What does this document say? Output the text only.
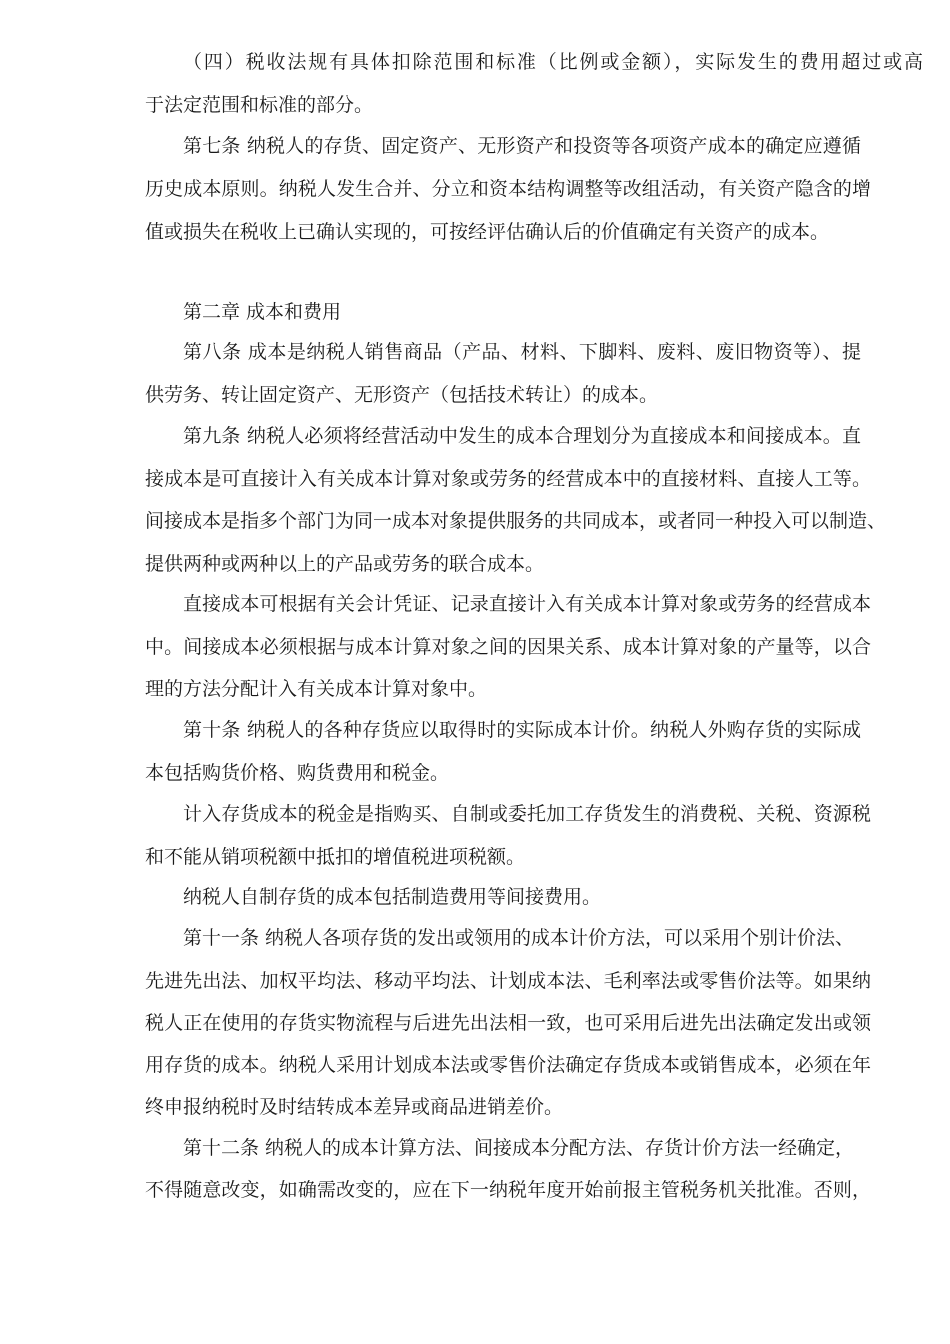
（四）税收法规有具体扣除范围和标准（比例或金额），实际发生的费用超过或高
于法定范围和标准的部分。
第七条 纳税人的存货、固定资产、无形资产和投资等各项资产成本的确定应遵循
历史成本原则。纳税人发生合并、分立和资本结构调整等改组活动，有关资产隐含的增
值或损失在税收上已确认实现的，可按经评估确认后的价值确定有关资产的成本。
第二章 成本和费用
第八条 成本是纳税人销售商品（产品、材料、下脚料、废料、废旧物资等）、提
供劳务、转让固定资产、无形资产（包括技术转让）的成本。
第九条 纳税人必须将经营活动中发生的成本合理划分为直接成本和间接成本。直
接成本是可直接计入有关成本计算对象或劳务的经营成本中的直接材料、直接人工等。
间接成本是指多个部门为同一成本对象提供服务的共同成本，或者同一种投入可以制造、
提供两种或两种以上的产品或劳务的联合成本。
直接成本可根据有关会计凭证、记录直接计入有关成本计算对象或劳务的经营成本
中。间接成本必须根据与成本计算对象之间的因果关系、成本计算对象的产量等，以合
理的方法分配计入有关成本计算对象中。
第十条 纳税人的各种存货应以取得时的实际成本计价。纳税人外购存货的实际成
本包括购货价格、购货费用和税金。
计入存货成本的税金是指购买、自制或委托加工存货发生的消费税、关税、资源税
和不能从销项税额中抵扣的增值税进项税额。
纳税人自制存货的成本包括制造费用等间接费用。
第十一条 纳税人各项存货的发出或领用的成本计价方法，可以采用个别计价法、
先进先出法、加权平均法、移动平均法、计划成本法、毛利率法或零售价法等。如果纳
税人正在使用的存货实物流程与后进先出法相一致，也可采用后进先出法确定发出或领
用存货的成本。纳税人采用计划成本法或零售价法确定存货成本或销售成本，必须在年
终申报纳税时及时结转成本差异或商品进销差价。
第十二条 纳税人的成本计算方法、间接成本分配方法、存货计价方法一经确定，
不得随意改变，如确需改变的，应在下一纳税年度开始前报主管税务机关批准。否则，
